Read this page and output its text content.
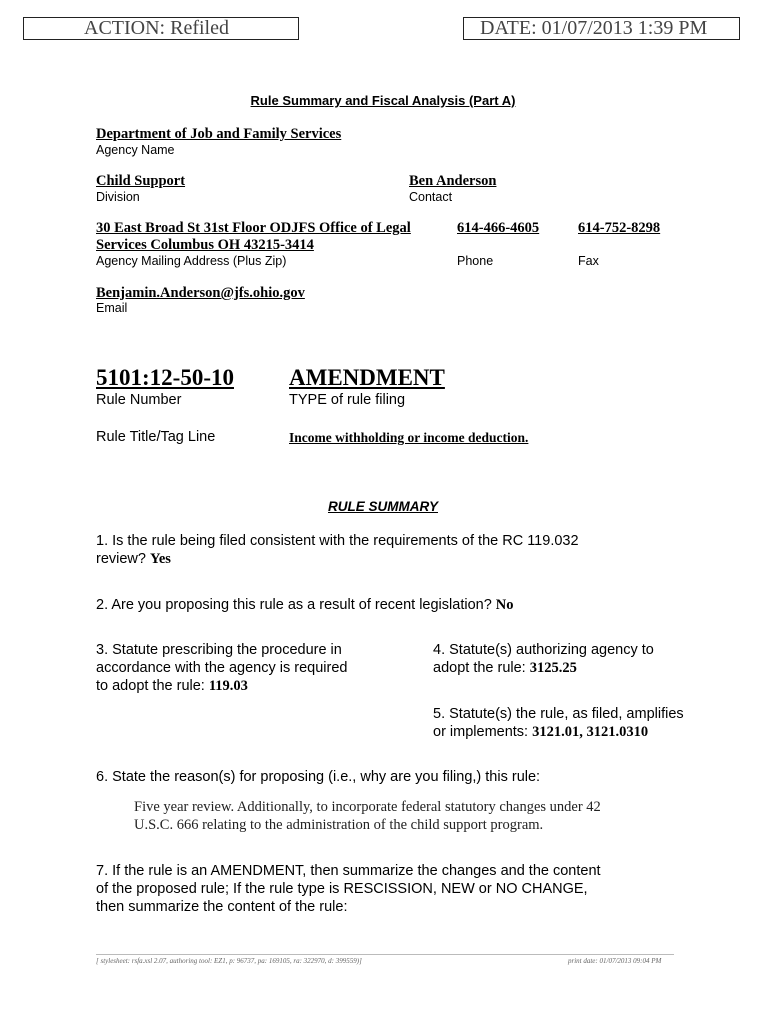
ACTION: Refiled	DATE: 01/07/2013 1:39 PM
Rule Summary and Fiscal Analysis (Part A)
Department of Job and Family Services
Agency Name
Child Support
Division
Ben Anderson
Contact
30 East Broad St 31st Floor ODJFS Office of Legal
Services Columbus OH 43215-3414
Agency Mailing Address (Plus Zip)
614-466-4605
Phone
614-752-8298
Fax
Benjamin.Anderson@jfs.ohio.gov
Email
5101:12-50-10
Rule Number
AMENDMENT
TYPE of rule filing
Rule Title/Tag Line	Income withholding or income deduction.
RULE SUMMARY
1. Is the rule being filed consistent with the requirements of the RC 119.032
review? Yes
2. Are you proposing this rule as a result of recent legislation? No
3. Statute prescribing the procedure in
accordance with the agency is required
to adopt the rule: 119.03
4. Statute(s) authorizing agency to
adopt the rule: 3125.25
5. Statute(s) the rule, as filed, amplifies
or implements: 3121.01, 3121.0310
6. State the reason(s) for proposing (i.e., why are you filing,) this rule:
Five year review. Additionally, to incorporate federal statutory changes under 42
U.S.C. 666 relating to the administration of the child support program.
7. If the rule is an AMENDMENT, then summarize the changes and the content
of the proposed rule; If the rule type is RESCISSION, NEW or NO CHANGE,
then summarize the content of the rule:
[ stylesheet: rsfa.xsl 2.07, authoring tool: EZ1, p: 96737, pa: 169105, ra: 322970, d: 399559)]	print date: 01/07/2013 09:04 PM
